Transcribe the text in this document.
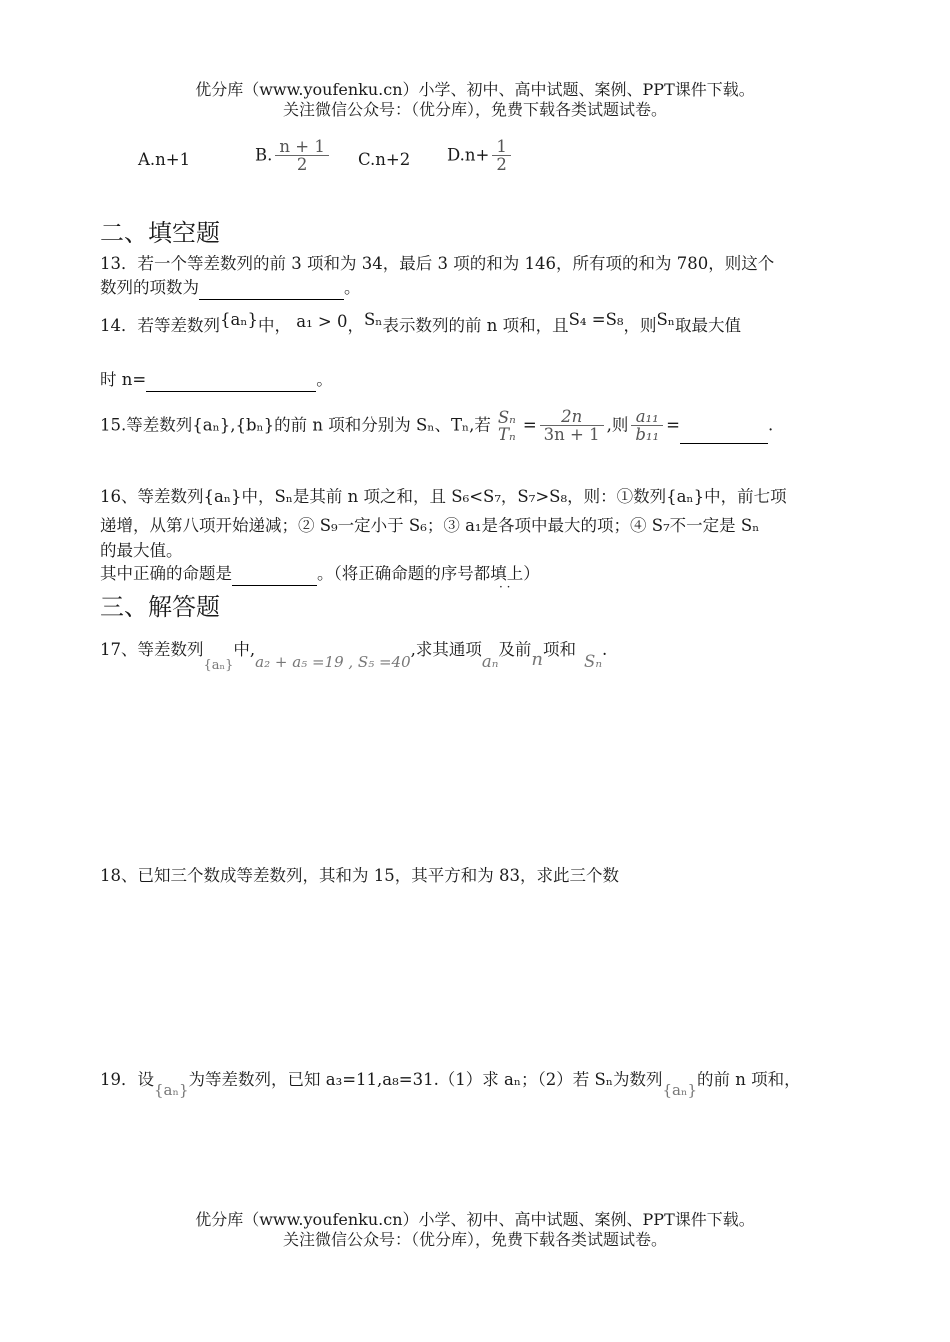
优分库（www.youfenku.cn）小学、初中、高中试题、案例、PPT课件下载。
关注微信公众号：（优分库），免费下载各类试题试卷。
A.n+1	B. $\frac{n + 1}{2} C.n+2$ $D.n+ \frac{1}{2}$
二、填空题
13．若一个等差数列的前 3 项和为 34，最后 3 项的和为 146，所有项的和为 780，则这个
数列的项数为	。
14．若等差数列{aₙ}中， a₁ > 0，Sₙ表示数列的前 n 项和，且S₄ =S₈，则Sₙ取最大值
时 n=	。
15.等差数列{aₙ},{bₙ}的前 n 项和分别为 Sₙ、Tₙ,若 Sₙ
$T_n = \frac{2n}{3n + 1}$ ,则 $\frac{\text{a₁₁}}{\text{b₁₁}}$ =	.
16、等差数列{aₙ}中，Sₙ是其前 n 项之和，且 S₆<S₇，S₇>S₈，则：①数列{aₙ}中，前七项
递增，从第八项开始递减；② S₉一定小于 S₆；③ a₁是各项中最大的项；④ S₇不一定是 Sₙ
的最大值。
其中正确的命题是	。（将正确命题的序号都填上）
· ·
三、解答题
17、等差数列{aₙ}中,a₂ + a₅ =19 , S₅ =40,求其通项aₙ及前n项和Sₙ.
18、已知三个数成等差数列，其和为 15，其平方和为 83，求此三个数
19．设{aₙ}为等差数列，已知 a₃=11,a₈=31.（1）求 aₙ；（2）若 Sₙ为数列{aₙ}的前 n 项和，
优分库（www.youfenku.cn）小学、初中、高中试题、案例、PPT课件下载。
关注微信公众号：（优分库），免费下载各类试题试卷。
